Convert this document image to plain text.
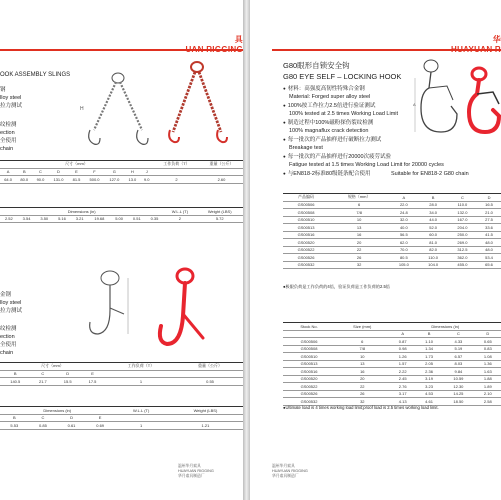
具
OOK ASSEMBLY SLINGS
钢
lloy steel
拉力测试
纹检测
ection
全使用
chain
H
尺寸（mm）									工作负荷（T）	重量（公斤）
A	B	C	D	E	F	G	H	J		
64.0	80.0	90.0	131.0	81.5	500.0	127.0	13.0	9.0	2	2.60
Dimensions (in)									W.L.L (T)	Weight (LBS)
2.52	3.54	3.50	5.16	3.21	19.68	5.00	0.51	0.35	2	5.72
金钢
lloy steel
拉力测试
纹检测
ection
全使用
chain
尺寸（mm）				工作负荷（T）	重量（公斤）
B	C	D	E		
140.5	21.7	15.5	17.5	1	0.55
Dimensions (in)				W.L.L (T)	Weight (LBS)
B	C	D	E		
5.53	0.85	0.61	0.69	1	1.21
温州华月索具
HUAYUAN RIGGING
华月索具制造厂
华
G80眼形自锁安全钩
G80 EYE SELF – LOCKING HOOK
● 材料：高强度高韧性特殊合金钢
Material: Forged super alloy steel
● 100%按工作拉力2.5倍进行验证测试
100% tested at 2.5 times Working Load Limit
● 制造过程中100%磁粉探伤裂纹检测
100% magnaflux crack detection
● 每一批次的产品抽样进行破断拉力测试
Breakage test
● 每一批次的产品抽样进行20000次疲劳试验
Fatigue tested at 1.5 times Working Load Limit for 20000 cycles
● 与EN818-2标准80级链条配合使用	Suitable for EN818-2 G80 chain
A
产品编码	规格（mm）	A	B	C	D
GS00506	6	22.0	28.0	110.0	16.5
GS00508	7/8	24.8	34.0	132.0	21.0
GS00510	10	32.0	44.0	167.0	27.5
GS00513	13	40.0	52.0	204.0	33.6
GS00516	16	56.5	60.0	250.0	41.5
GS00520	20	62.0	81.0	269.0	48.0
GS00522	22	70.0	82.0	312.5	48.0
GS00526	26	80.5	110.0	362.0	53.4
GS00532	32	105.0	104.0	455.0	65.6
●极限负荷是工作负荷的4倍，验证负荷是工作负荷的2.5倍
Stock No.	Size (mm)	Dimensions (in)			
		A	B	C	D
GS00506	6	0.87	1.10	4.33	0.65
GS00508	7/8	0.98	1.34	5.19	0.83
GS00510	10	1.26	1.73	6.57	1.08
GS00513	13	1.57	2.05	8.03	1.36
GS00516	16	2.22	2.36	9.84	1.63
GS00520	20	2.45	3.19	10.59	1.88
GS00522	22	2.76	3.23	12.30	1.89
GS00526	26	3.17	4.53	14.25	2.10
GS00532	32	4.13	4.61	18.50	2.58
●Ultimate load is 4 times working load limit;proof load is 2.5 times working load limit.
温州华月索具
HUAYUAN RIGGING
华月索具制造厂
